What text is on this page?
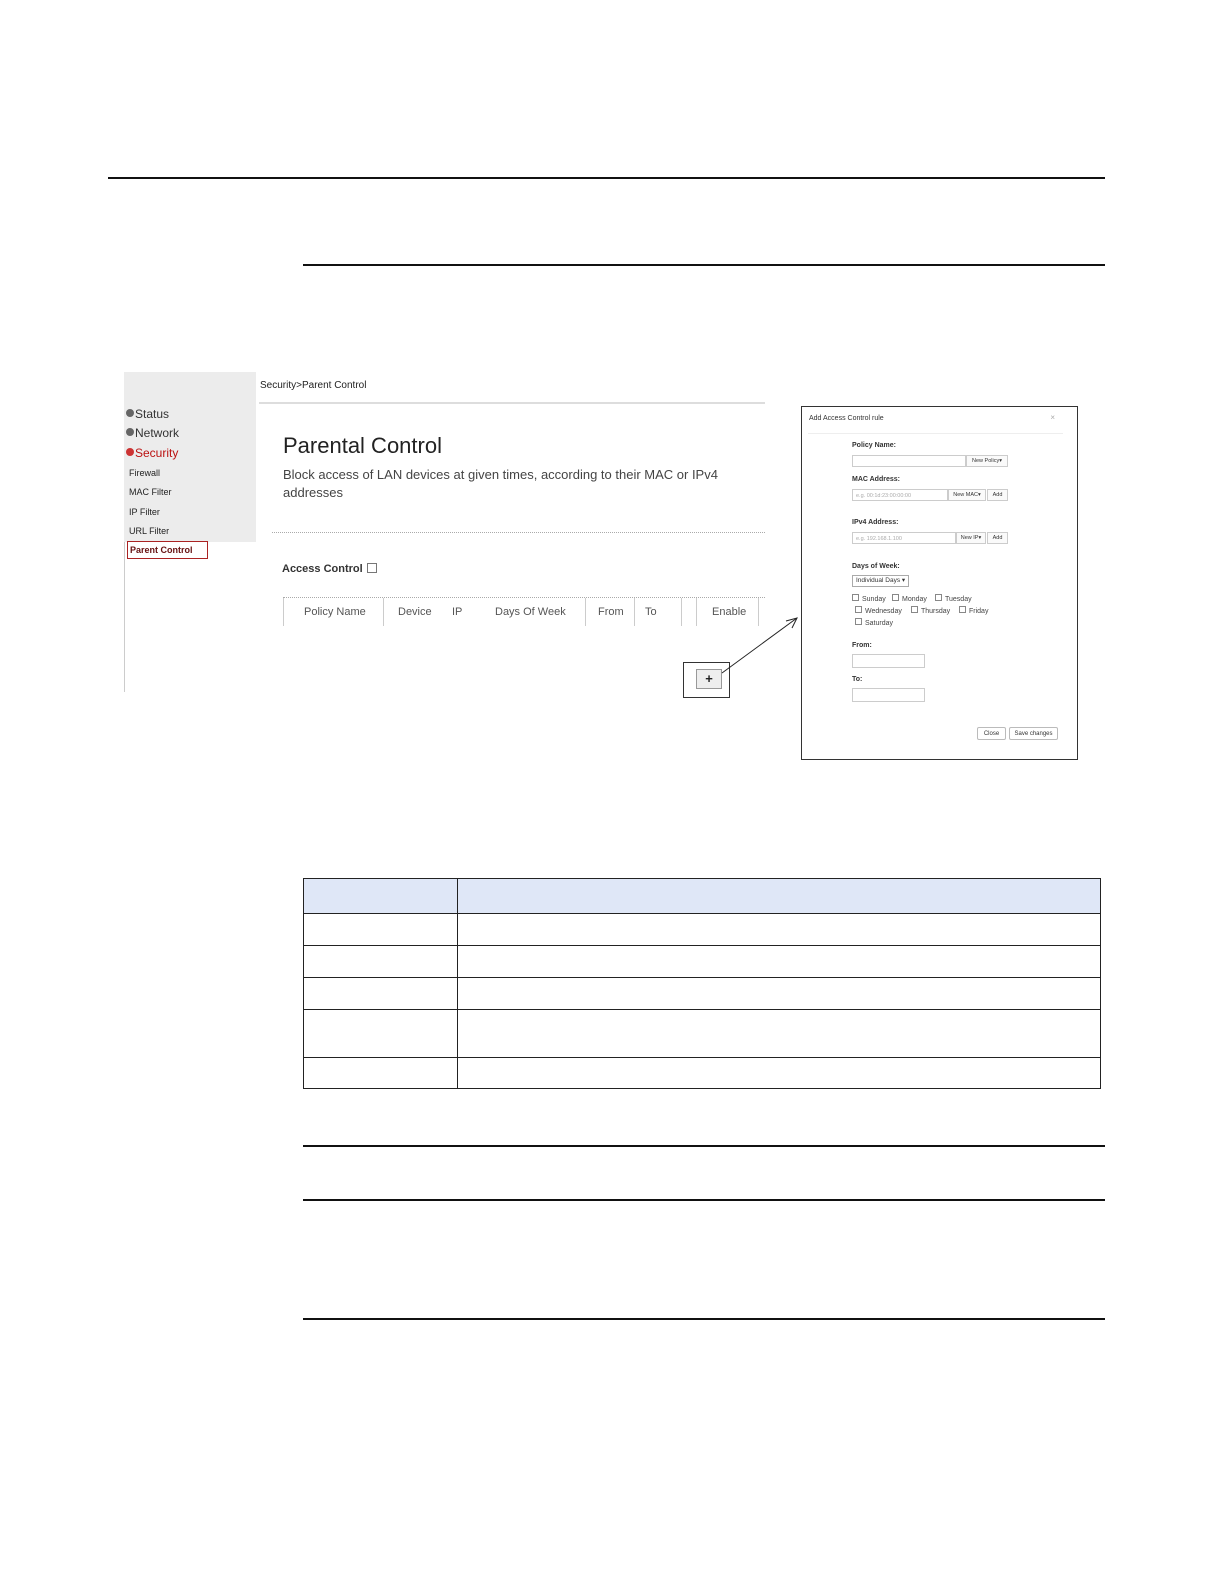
Status
Network
Security
Firewall
MAC Filter
IP Filter
URL Filter
Parent Control
Security>Parent Control
Parental Control
Block access of LAN devices at given times, according to their MAC or IPv4 addresses
Access Control
Policy Name	Device IP	Days Of Week	From To	Enable
+
Add Access Control rule	×
Policy Name:
New Policy▾
MAC Address:
e.g. 00:1d:23:00:00:00	New MAC▾	Add
IPv4 Address:
e.g. 192.168.1.100	New IP▾	Add
Days of Week:
Individual Days ▾
Sunday	Monday	Tuesday
Wednesday	Thursday	Friday
Saturday
From:
To:
Close	Save changes
